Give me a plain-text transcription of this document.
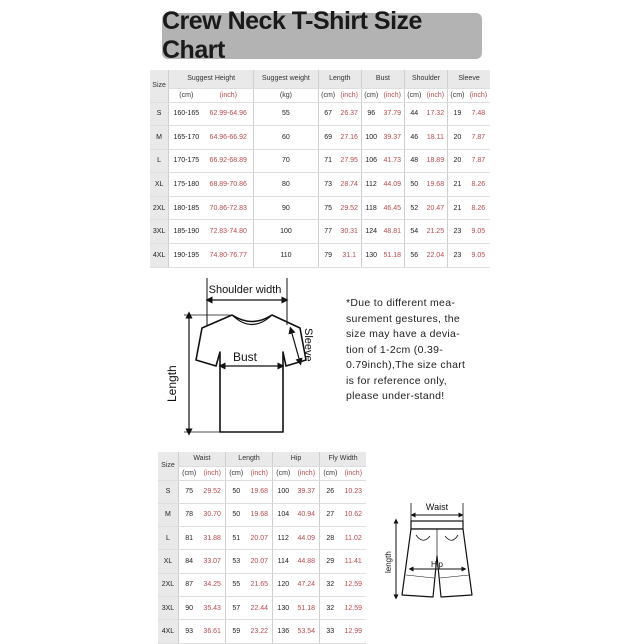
Crew Neck T-Shirt Size Chart
Size	Suggest Height		Suggest weight	Length		Bust		Shoulder		Sleeve	
	(cm)	(inch)	(kg)	(cm)	(inch)	(cm)	(inch)	(cm)	(inch)	(cm)	(inch)
S	160-165	62.99-64.96	55	67	26.37	96	37.79	44	17.32	19	7.48
M	165-170	64.96-66.92	60	69	27.16	100	39.37	46	18.11	20	7.87
L	170-175	66.92-68.89	70	71	27.95	106	41.73	48	18.89	20	7.87
XL	175-180	68.89-70.86	80	73	28.74	112	44.09	50	19.68	21	8.26
2XL	180-185	70.86-72.83	90	75	29.52	118	46.45	52	20.47	21	8.26
3XL	185-190	72.83-74.80	100	77	30.31	124	48.81	54	21.25	23	9.05
4XL	190-195	74.80-76.77	110	79	31.1	130	51.18	56	22.04	23	9.05
Size	Waist		Length		Hip		Fly Width	
	(cm)	(inch)	(cm)	(inch)	(cm)	(inch)	(cm)	(inch)
S	75	29.52	50	19.68	100	39.37	26	10.23
M	78	30.70	50	19.68	104	40.94	27	10.62
L	81	31.88	51	20.07	112	44.09	28	11.02
XL	84	33.07	53	20.07	114	44.88	29	11.41
2XL	87	34.25	55	21.65	120	47.24	32	12.59
3XL	90	35.43	57	22.44	130	51.18	32	12.59
4XL	93	36.61	59	23.22	136	53.54	33	12.99
Shoulder width
Bust	Sleeve
Length
*Due to different mea-surement gestures, the size may have a devia-tion of 1-2cm (0.39-0.79inch),The size chart is for reference only, please under-stand!
Waist
Hip
length
